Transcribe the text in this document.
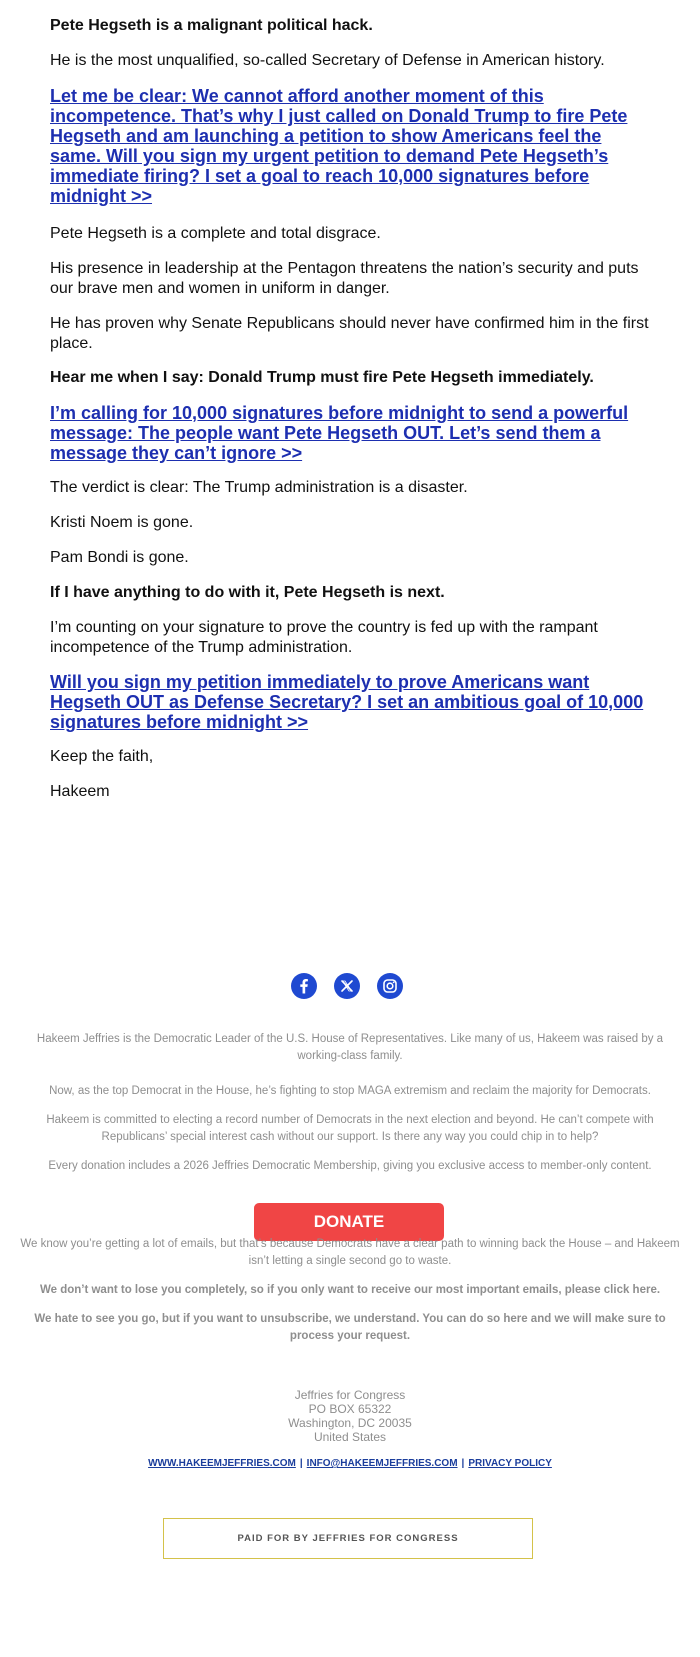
Pete Hegseth is a malignant political hack.

He is the most unqualified, so-called Secretary of Defense in American history.

Let me be clear: We cannot afford another moment of this incompetence. That’s why I just called on Donald Trump to fire Pete Hegseth and am launching a petition to show Americans feel the same. Will you sign my urgent petition to demand Pete Hegseth’s immediate firing? I set a goal to reach 10,000 signatures before midnight >>

Pete Hegseth is a complete and total disgrace.

His presence in leadership at the Pentagon threatens the nation’s security and puts our brave men and women in uniform in danger.

He has proven why Senate Republicans should never have confirmed him in the first place.

Hear me when I say: Donald Trump must fire Pete Hegseth immediately.

I’m calling for 10,000 signatures before midnight to send a powerful message: The people want Pete Hegseth OUT. Let’s send them a message they can’t ignore >>

The verdict is clear: The Trump administration is a disaster.

Kristi Noem is gone.

Pam Bondi is gone.

If I have anything to do with it, Pete Hegseth is next.

I’m counting on your signature to prove the country is fed up with the rampant incompetence of the Trump administration.

Will you sign my petition immediately to prove Americans want Hegseth OUT as Defense Secretary? I set an ambitious goal of 10,000 signatures before midnight >>

Keep the faith,

Hakeem

Hakeem Jeffries is the Democratic Leader of the U.S. House of Representatives. Like many of us, Hakeem was raised by a working-class family.

Now, as the top Democrat in the House, he’s fighting to stop MAGA extremism and reclaim the majority for Democrats.

Hakeem is committed to electing a record number of Democrats in the next election and beyond. He can’t compete with Republicans’ special interest cash without our support. Is there any way you could chip in to help?

Every donation includes a 2026 Jeffries Democratic Membership, giving you exclusive access to member-only content.

DONATE

We know you’re getting a lot of emails, but that’s because Democrats have a clear path to winning back the House – and Hakeem isn’t letting a single second go to waste.

We don’t want to lose you completely, so if you only want to receive our most important emails, please click here.

We hate to see you go, but if you want to unsubscribe, we understand. You can do so here and we will make sure to process your request.

Jeffries for Congress
PO BOX 65322
Washington, DC 20035
United States
WWW.HAKEEMJEFFRIES.COM | INFO@HAKEEMJEFFRIES.COM | PRIVACY POLICY
PAID FOR BY JEFFRIES FOR CONGRESS
